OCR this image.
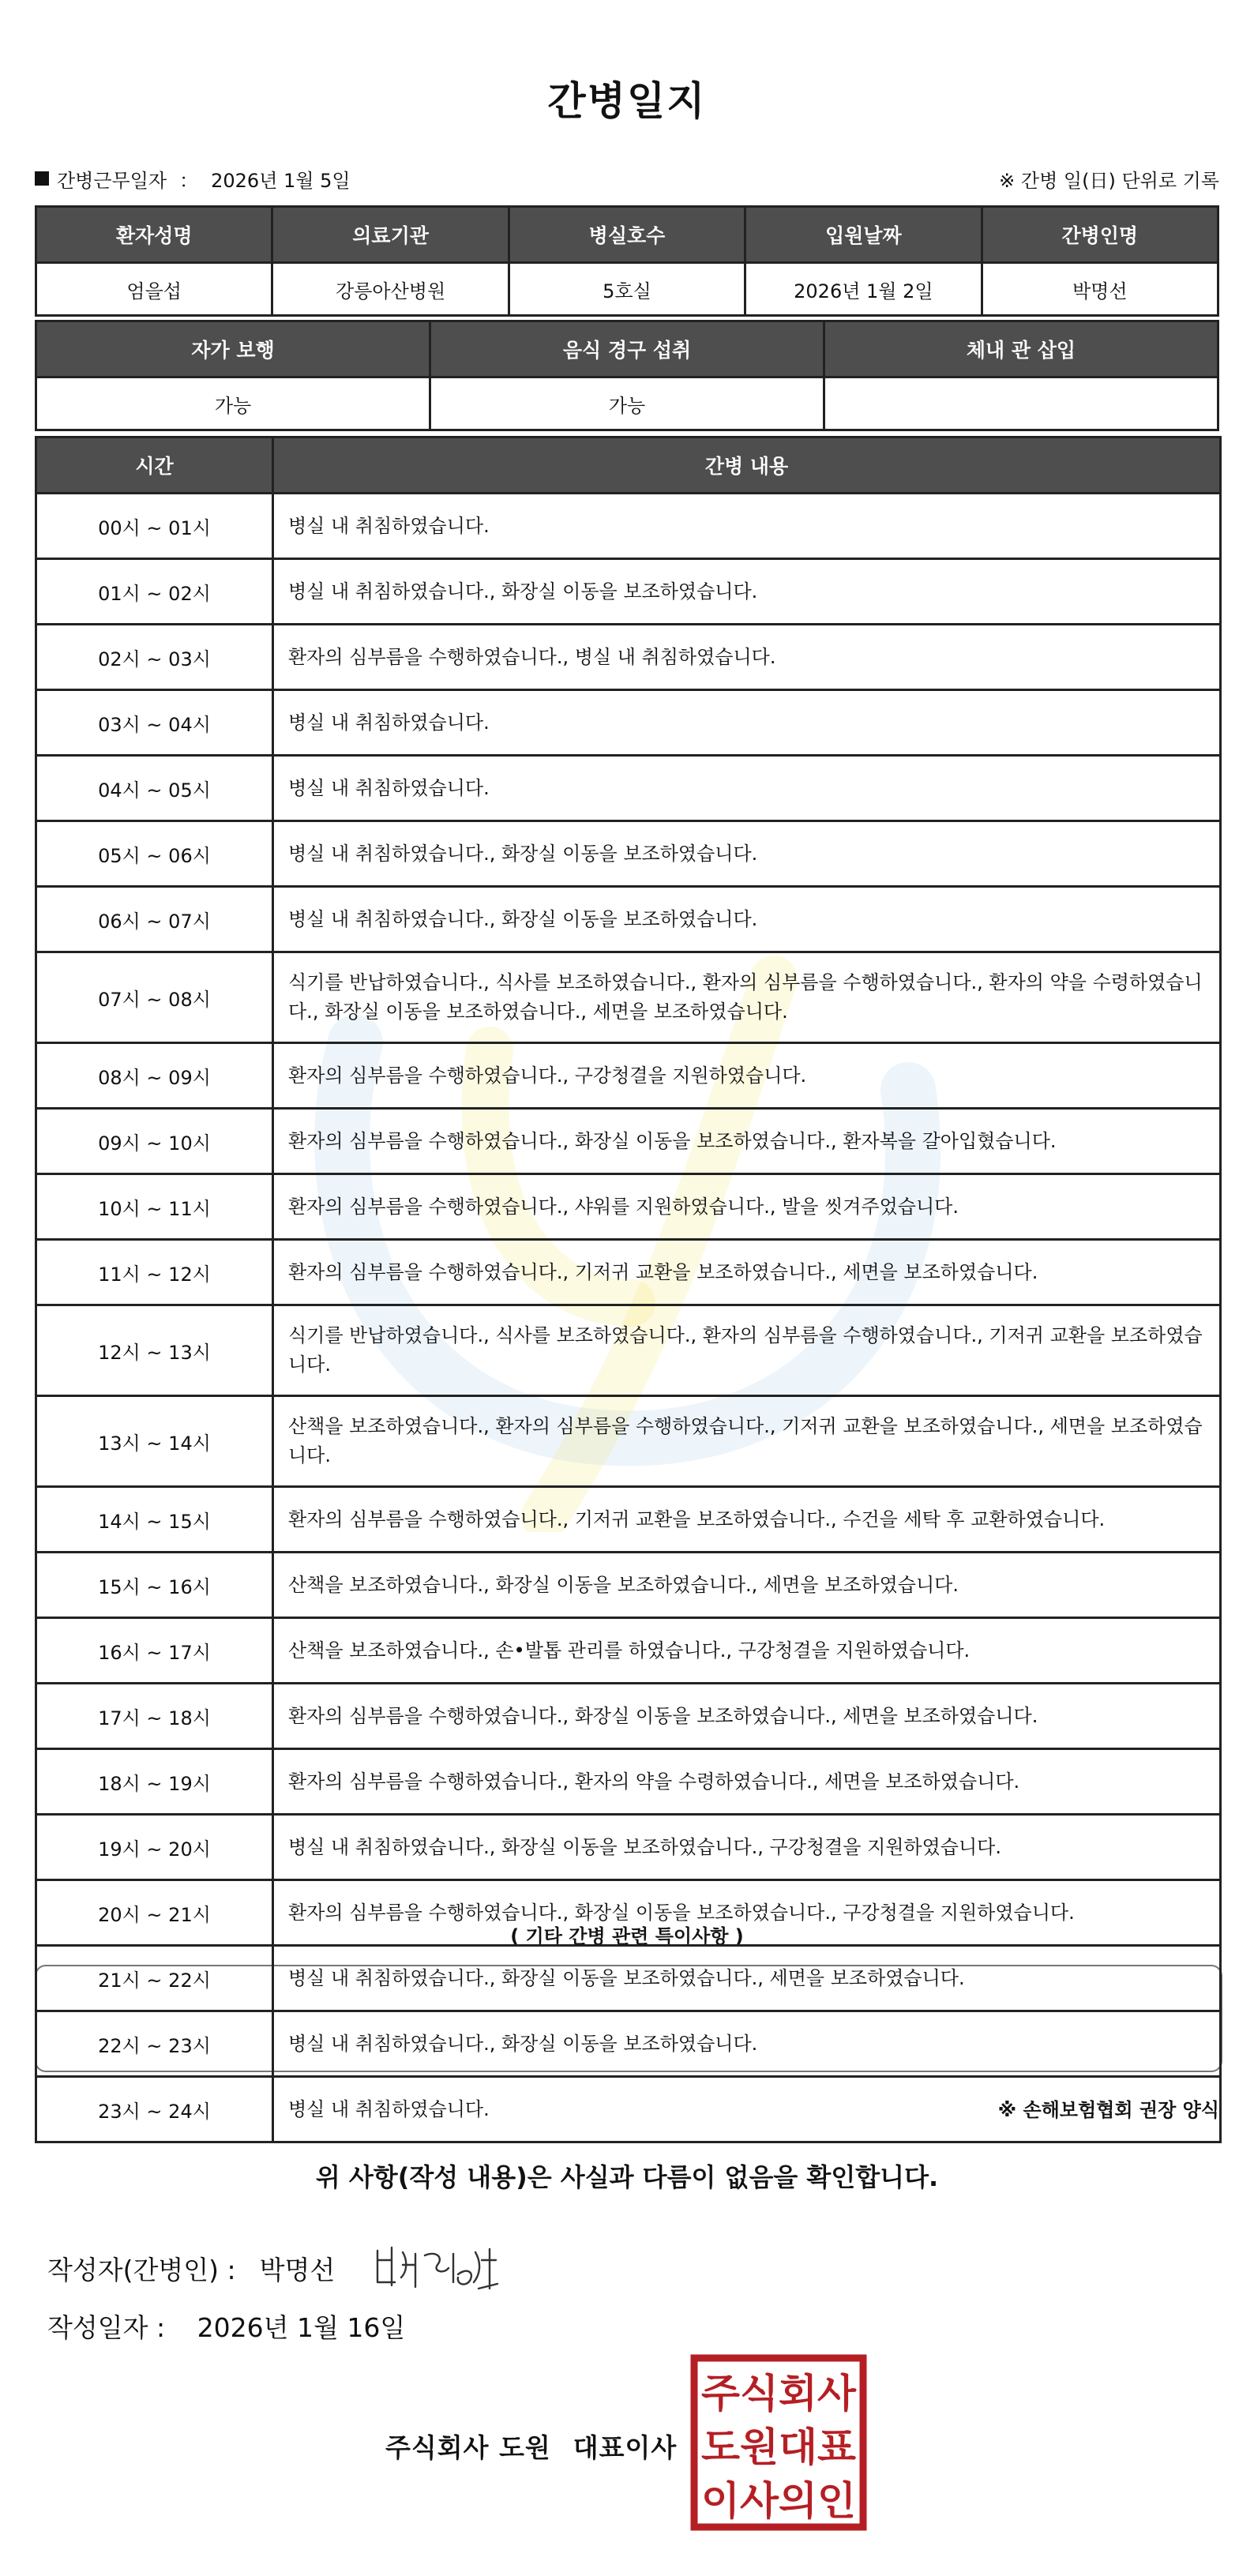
간병일지
간병근무일자 ： 2026년 1월 5일	※ 간병 일(日) 단위로 기록
환자성명	의료기관	병실호수	입원날짜	간병인명
엄을섭	강릉아산병원	5호실	2026년 1월 2일	박명선
자가 보행	음식 경구 섭취	체내 관 삽입
가능	가능	
시간	간병 내용
00시 ~ 01시	병실 내 취침하였습니다.
01시 ~ 02시	병실 내 취침하였습니다., 화장실 이동을 보조하였습니다.
02시 ~ 03시	환자의 심부름을 수행하였습니다., 병실 내 취침하였습니다.
03시 ~ 04시	병실 내 취침하였습니다.
04시 ~ 05시	병실 내 취침하였습니다.
05시 ~ 06시	병실 내 취침하였습니다., 화장실 이동을 보조하였습니다.
06시 ~ 07시	병실 내 취침하였습니다., 화장실 이동을 보조하였습니다.
07시 ~ 08시	식기를 반납하였습니다., 식사를 보조하였습니다., 환자의 심부름을 수행하였습니다., 환자의 약을 수령하였습니다., 화장실 이동을 보조하였습니다., 세면을 보조하였습니다.
08시 ~ 09시	환자의 심부름을 수행하였습니다., 구강청결을 지원하였습니다.
09시 ~ 10시	환자의 심부름을 수행하였습니다., 화장실 이동을 보조하였습니다., 환자복을 갈아입혔습니다.
10시 ~ 11시	환자의 심부름을 수행하였습니다., 샤워를 지원하였습니다., 발을 씻겨주었습니다.
11시 ~ 12시	환자의 심부름을 수행하였습니다., 기저귀 교환을 보조하였습니다., 세면을 보조하였습니다.
12시 ~ 13시	식기를 반납하였습니다., 식사를 보조하였습니다., 환자의 심부름을 수행하였습니다., 기저귀 교환을 보조하였습니다.
13시 ~ 14시	산책을 보조하였습니다., 환자의 심부름을 수행하였습니다., 기저귀 교환을 보조하였습니다., 세면을 보조하였습니다.
14시 ~ 15시	환자의 심부름을 수행하였습니다., 기저귀 교환을 보조하였습니다., 수건을 세탁 후 교환하였습니다.
15시 ~ 16시	산책을 보조하였습니다., 화장실 이동을 보조하였습니다., 세면을 보조하였습니다.
16시 ~ 17시	산책을 보조하였습니다., 손•발톱 관리를 하였습니다., 구강청결을 지원하였습니다.
17시 ~ 18시	환자의 심부름을 수행하였습니다., 화장실 이동을 보조하였습니다., 세면을 보조하였습니다.
18시 ~ 19시	환자의 심부름을 수행하였습니다., 환자의 약을 수령하였습니다., 세면을 보조하였습니다.
19시 ~ 20시	병실 내 취침하였습니다., 화장실 이동을 보조하였습니다., 구강청결을 지원하였습니다.
20시 ~ 21시	환자의 심부름을 수행하였습니다., 화장실 이동을 보조하였습니다., 구강청결을 지원하였습니다.
21시 ~ 22시	병실 내 취침하였습니다., 화장실 이동을 보조하였습니다., 세면을 보조하였습니다.
22시 ~ 23시	병실 내 취침하였습니다., 화장실 이동을 보조하였습니다.
23시 ~ 24시	병실 내 취침하였습니다.
( 기타 간병 관련 특이사항 )
※ 손해보험협회 권장 양식
위 사항(작성 내용)은 사실과 다름이 없음을 확인합니다.
작성자(간병인) : 박명선
작성일자 : 2026년 1월 16일
주식회사 도원 대표이사
주식회사
도원대표
이사의인
